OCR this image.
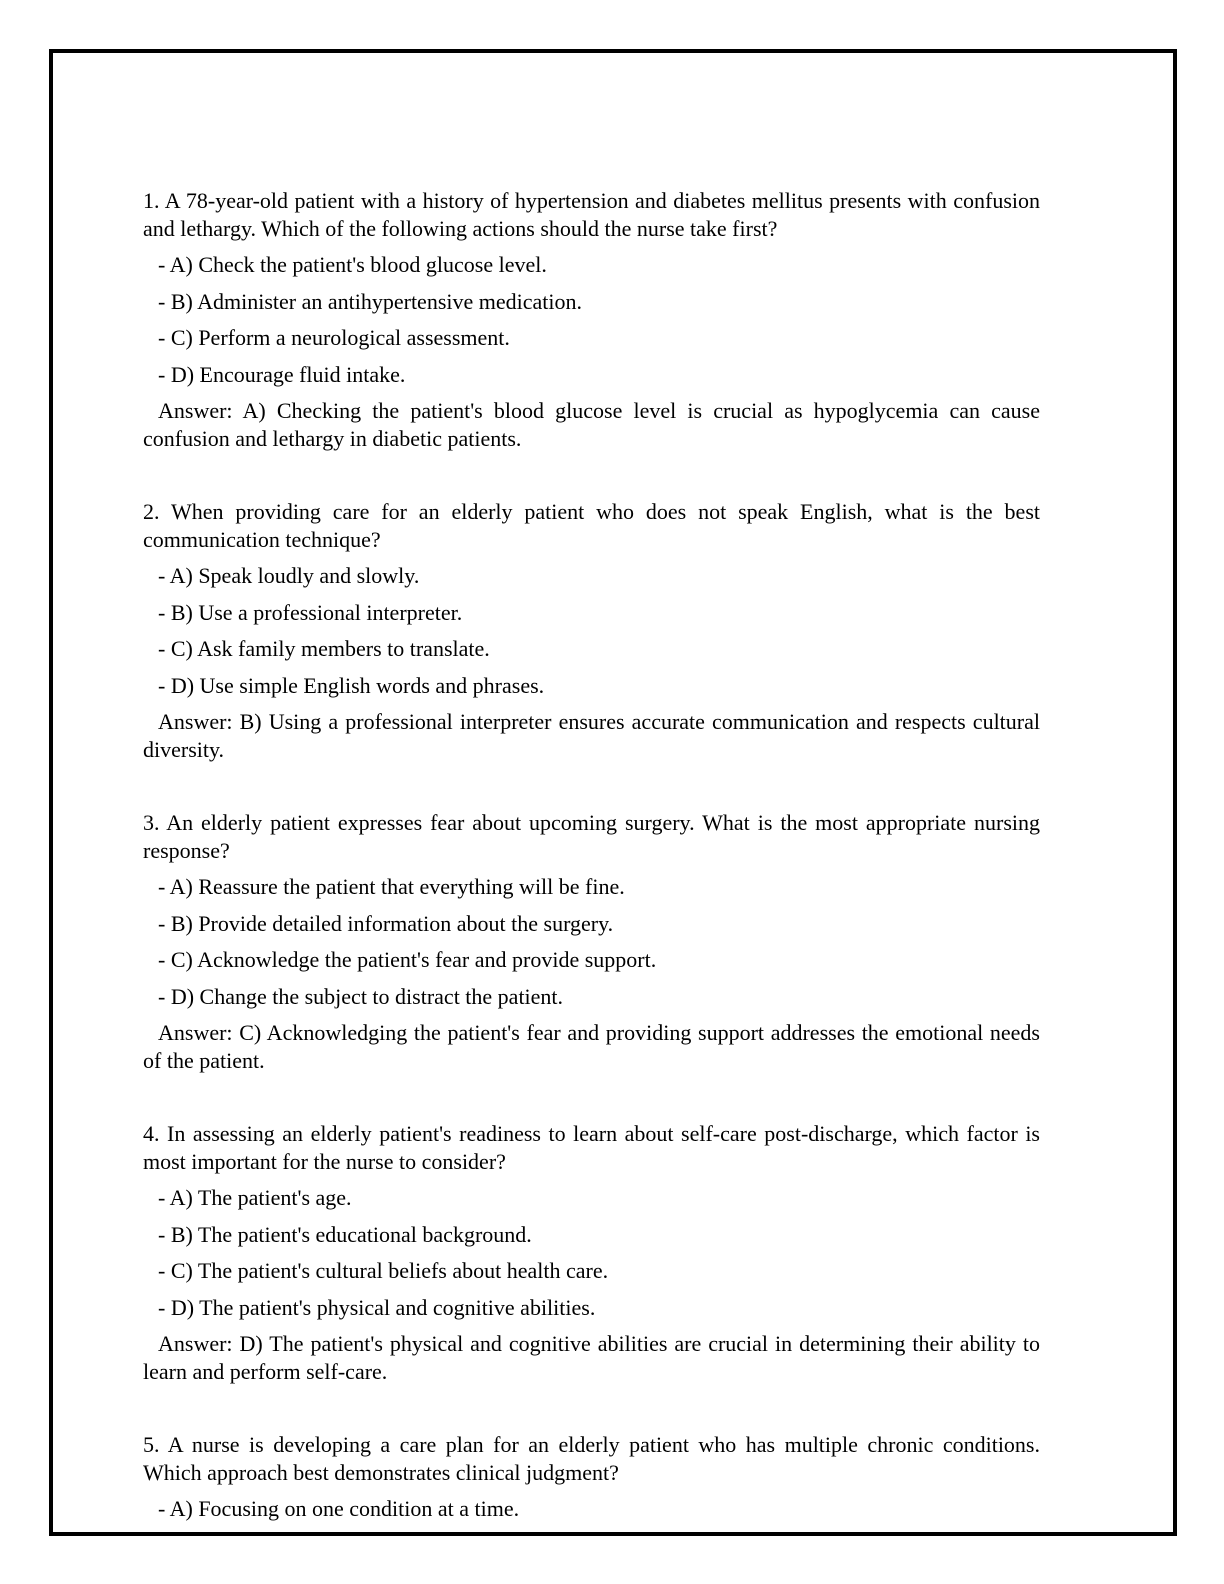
1. A 78-year-old patient with a history of hypertension and diabetes mellitus presents with confusion and lethargy. Which of the following actions should the nurse take first?

- A) Check the patient's blood glucose level.

- B) Administer an antihypertensive medication.

- C) Perform a neurological assessment.

- D) Encourage fluid intake.

Answer: A) Checking the patient's blood glucose level is crucial as hypoglycemia can cause confusion and lethargy in diabetic patients.

2. When providing care for an elderly patient who does not speak English, what is the best communication technique?

- A) Speak loudly and slowly.

- B) Use a professional interpreter.

- C) Ask family members to translate.

- D) Use simple English words and phrases.

Answer: B) Using a professional interpreter ensures accurate communication and respects cultural diversity.

3. An elderly patient expresses fear about upcoming surgery. What is the most appropriate nursing response?

- A) Reassure the patient that everything will be fine.

- B) Provide detailed information about the surgery.

- C) Acknowledge the patient's fear and provide support.

- D) Change the subject to distract the patient.

Answer: C) Acknowledging the patient's fear and providing support addresses the emotional needs of the patient.

4. In assessing an elderly patient's readiness to learn about self-care post-discharge, which factor is most important for the nurse to consider?

- A) The patient's age.

- B) The patient's educational background.

- C) The patient's cultural beliefs about health care.

- D) The patient's physical and cognitive abilities.

Answer: D) The patient's physical and cognitive abilities are crucial in determining their ability to learn and perform self-care.

5. A nurse is developing a care plan for an elderly patient who has multiple chronic conditions. Which approach best demonstrates clinical judgment?

- A) Focusing on one condition at a time.
